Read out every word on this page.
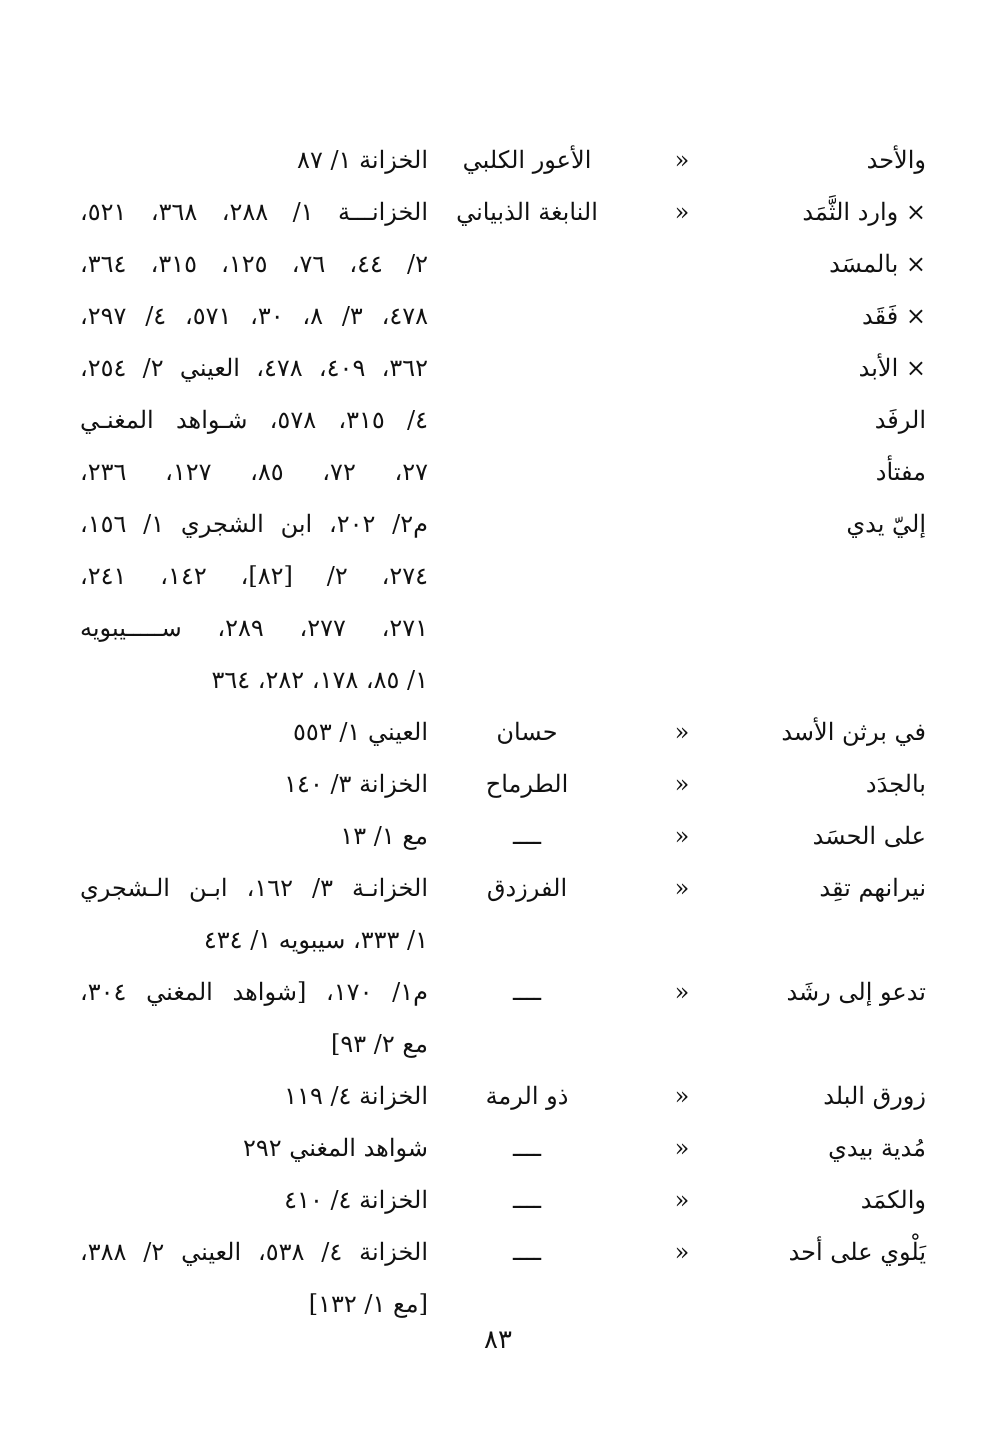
والأحد
«
الأعور الكلبي
الخزانة ١/ ٨٧
× وارد الثَّمَد
«
النابغة الذبياني
الخزانـــة ١/ ٢٨٨، ٣٦٨، ٥٢١،
٢/ ٤٤، ٧٦، ١٢٥، ٣١٥، ٣٦٤،
٤٧٨، ٣/ ٨، ٣٠، ٥٧١، ٤/ ٢٩٧،
٣٦٢، ٤٠٩، ٤٧٨، العيني ٢/ ٢٥٤،
٤/ ٣١٥، ٥٧٨، شـواهد المغنـي
٢٧، ٧٢، ٨٥، ١٢٧، ٢٣٦،
م٢/ ٢٠٢، ابن الشجري ١/ ١٥٦،
٢٧٤، ٢/ [٨٢]، ١٤٢، ٢٤١،
٢٧١، ٢٧٧، ٢٨٩، ســـــيبويه
١/ ٨٥، ١٧٨، ٢٨٢، ٣٦٤
× بالمسَد
× فَقَد
× الأبد
الرفَد
مفتأد
إليّ يدي
في برثن الأسد
«
حسان
العيني ١/ ٥٥٣
بالجدَد
«
الطرماح
الخزانة ٣/ ١٤٠
على الحسَد
«
ــــ
مع ١/ ١٣
نيرانهم تقِد
«
الفرزدق
الخزانـة ٣/ ١٦٢، ابـن الـشجري
١/ ٣٣٣، سيبويه ١/ ٤٣٤
تدعو إلى رشَد
«
ــــ
م١/ ١٧٠، [شواهد المغني ٣٠٤،
مع ٢/ ٩٣]
زورق البلد
«
ذو الرمة
الخزانة ٤/ ١١٩
مُدية بيدي
«
ــــ
شواهد المغني ٢٩٢
والكمَد
«
ــــ
الخزانة ٤/ ٤١٠
يَلْوي على أحد
«
ــــ
الخزانة ٤/ ٥٣٨، العيني ٢/ ٣٨٨،
[مع ١/ ١٣٢]
٨٣
